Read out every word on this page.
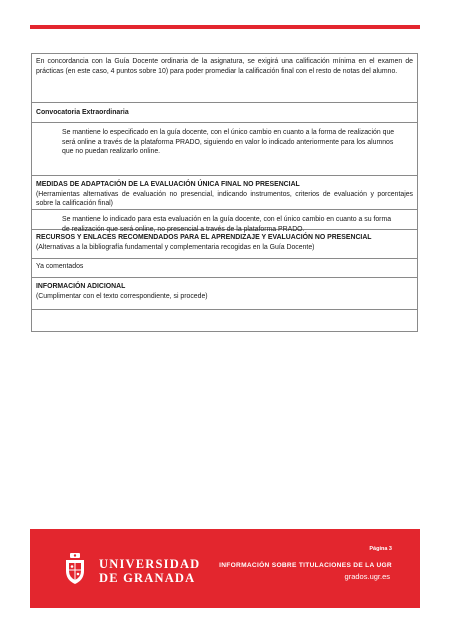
En concordancia con la Guía Docente ordinaria de la asignatura, se exigirá una calificación mínima en el examen de prácticas (en este caso, 4 puntos sobre 10) para poder promediar la calificación final con el resto de notas del alumno.
Convocatoria Extraordinaria
Se mantiene lo especificado en la guía docente, con el único cambio en cuanto a la forma de realización que será online a través de la plataforma PRADO, siguiendo en valor lo indicado anteriormente para los alumnos que no puedan realizarlo online.
MEDIDAS DE ADAPTACIÓN DE LA EVALUACIÓN ÚNICA FINAL NO PRESENCIAL
(Herramientas alternativas de evaluación no presencial, indicando instrumentos, criterios de evaluación y porcentajes sobre la calificación final)
Se mantiene lo indicado para esta evaluación en la guía docente, con el único cambio en cuanto a su forma de realización que será online, no presencial a través de la plataforma PRADO.
RECURSOS Y ENLACES RECOMENDADOS PARA EL APRENDIZAJE Y EVALUACIÓN NO PRESENCIAL
(Alternativas a la bibliografía fundamental y complementaria recogidas en la Guía Docente)
Ya comentados
INFORMACIÓN ADICIONAL
(Cumplimentar con el texto correspondiente, si procede)
UNIVERSIDAD
DE GRANADA
Página 3
INFORMACIÓN SOBRE TITULACIONES DE LA UGR
grados.ugr.es
